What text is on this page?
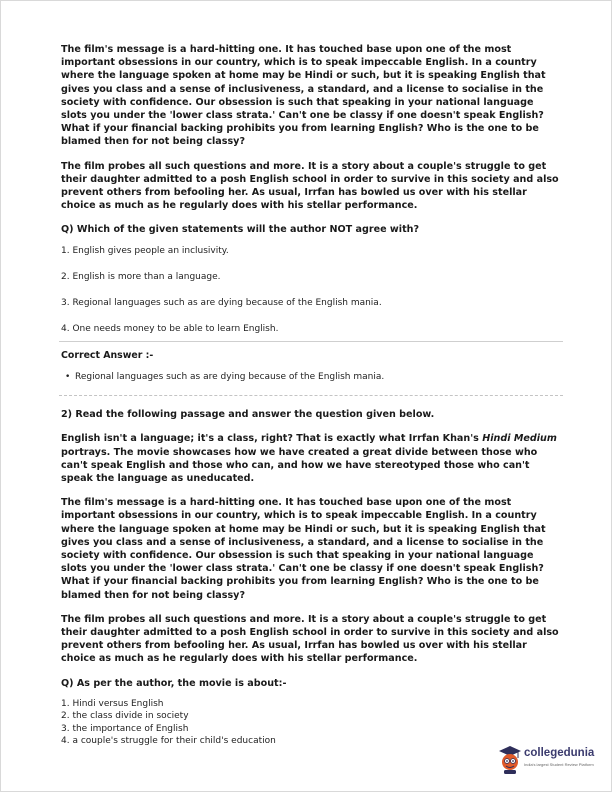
The film's message is a hard-hitting one. It has touched base upon one of the most important obsessions in our country, which is to speak impeccable English. In a country where the language spoken at home may be Hindi or such, but it is speaking English that gives you class and a sense of inclusiveness, a standard, and a license to socialise in the society with confidence. Our obsession is such that speaking in your national language slots you under the 'lower class strata.' Can't one be classy if one doesn't speak English? What if your financial backing prohibits you from learning English? Who is the one to be blamed then for not being classy?

The film probes all such questions and more. It is a story about a couple's struggle to get their daughter admitted to a posh English school in order to survive in this society and also prevent others from befooling her. As usual, Irrfan has bowled us over with his stellar choice as much as he regularly does with his stellar performance.

Q) Which of the given statements will the author NOT agree with?

1. English gives people an inclusivity.

2. English is more than a language.

3. Regional languages such as are dying because of the English mania.

4. One needs money to be able to learn English.

Correct Answer :-

• Regional languages such as are dying because of the English mania.

2) Read the following passage and answer the question given below.

English isn't a language; it's a class, right? That is exactly what Irrfan Khan's Hindi Medium portrays. The movie showcases how we have created a great divide between those who can't speak English and those who can, and how we have stereotyped those who can't speak the language as uneducated.

The film's message is a hard-hitting one. It has touched base upon one of the most important obsessions in our country, which is to speak impeccable English. In a country where the language spoken at home may be Hindi or such, but it is speaking English that gives you class and a sense of inclusiveness, a standard, and a license to socialise in the society with confidence. Our obsession is such that speaking in your national language slots you under the 'lower class strata.' Can't one be classy if one doesn't speak English? What if your financial backing prohibits you from learning English? Who is the one to be blamed then for not being classy?

The film probes all such questions and more. It is a story about a couple's struggle to get their daughter admitted to a posh English school in order to survive in this society and also prevent others from befooling her. As usual, Irrfan has bowled us over with his stellar choice as much as he regularly does with his stellar performance.

Q) As per the author, the movie is about:-

1. Hindi versus English

2. the class divide in society

3. the importance of English

4. a couple's struggle for their child's education

collegedunia
India's largest Student Review Platform
